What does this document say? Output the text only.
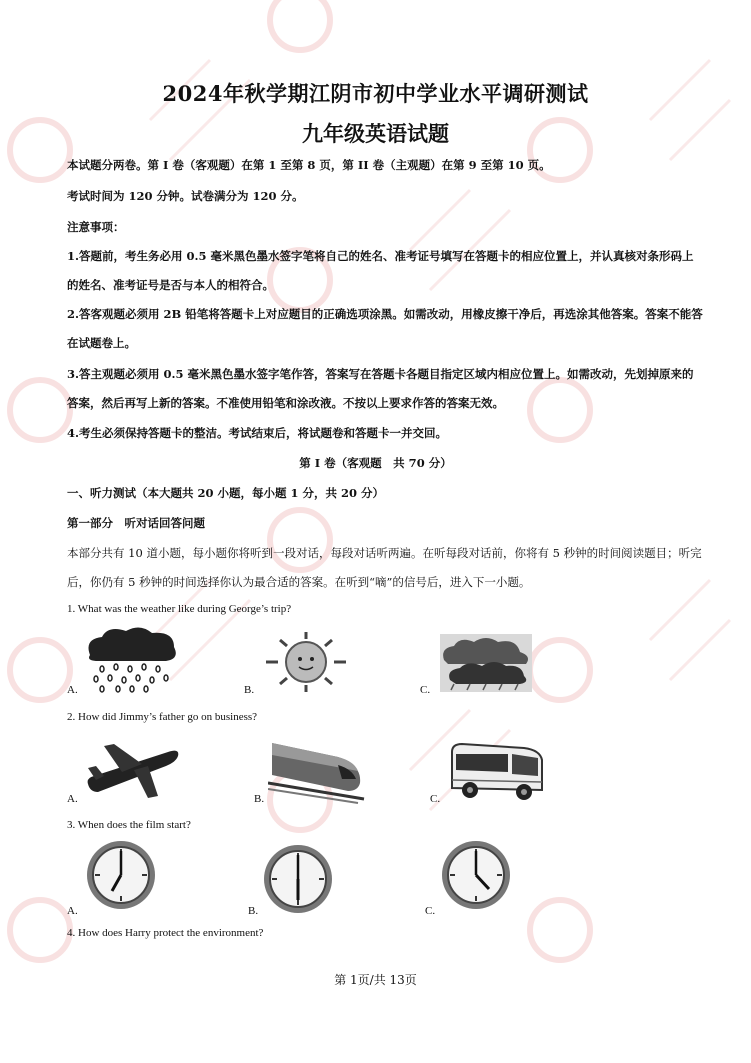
2024年秋学期江阴市初中学业水平调研测试
九年级英语试题
本试题分两卷。第 I 卷（客观题）在第 1 至第 8 页，第 II 卷（主观题）在第 9 至第 10 页。
考试时间为 120 分钟。试卷满分为 120 分。
注意事项：
1.答题前，考生务必用 0.5 毫米黑色墨水签字笔将自己的姓名、准考证号填写在答题卡的相应位置上，并认真核对条形码上
的姓名、准考证号是否与本人的相符合。
2.答客观题必须用 2B 铅笔将答题卡上对应题目的正确选项涂黑。如需改动，用橡皮擦干净后，再选涂其他答案。答案不能答
在试题卷上。
3.答主观题必须用 0.5 毫米黑色墨水签字笔作答，答案写在答题卡各题目指定区域内相应位置上。如需改动，先划掉原来的
答案，然后再写上新的答案。不准使用铅笔和涂改液。不按以上要求作答的答案无效。
4.考生必须保持答题卡的整洁。考试结束后，将试题卷和答题卡一并交回。
第 I 卷（客观题　共 70 分）
一、听力测试（本大题共 20 小题，每小题 1 分，共 20 分）
第一部分　听对话回答问题
本部分共有 10 道小题，每小题你将听到一段对话，每段对话听两遍。在听每段对话前，你将有 5 秒钟的时间阅读题目；听完
后，你仍有 5 秒钟的时间选择你认为最合适的答案。在听到“嘀”的信号后，进入下一小题。
1. What was the weather like during George’s trip?
A.	B.	C.
2. How did Jimmy’s father go on business?
A.	B.	C.
3. When does the film start?
A.	B.	C.
4. How does Harry protect the environment?
第 1页/共 13页
